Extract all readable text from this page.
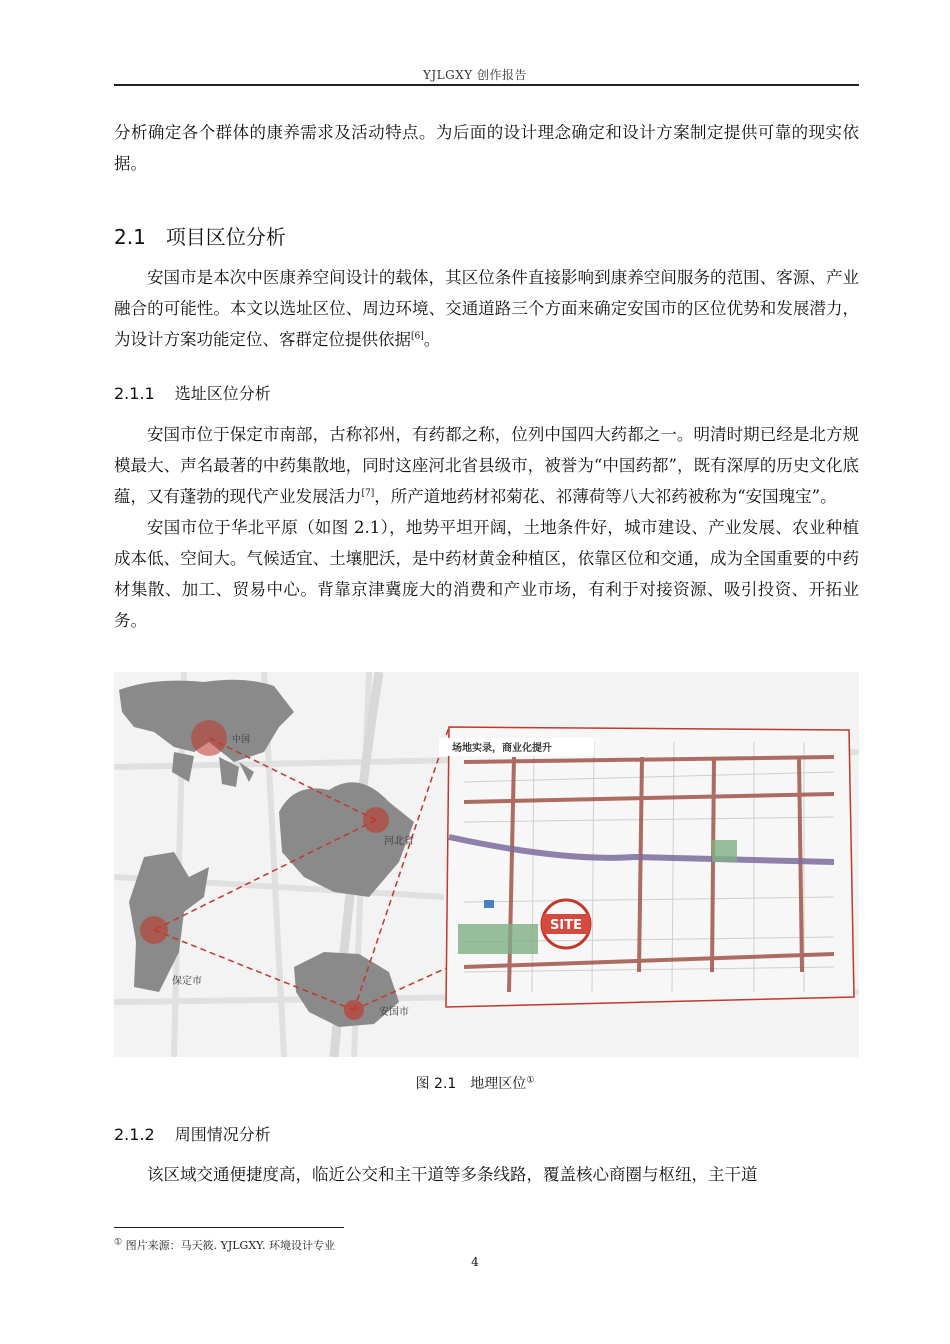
YJLGXY 创作报告

分析确定各个群体的康养需求及活动特点。为后面的设计理念确定和设计方案制定提供可靠的现实依据。

2.1 项目区位分析

安国市是本次中医康养空间设计的载体，其区位条件直接影响到康养空间服务的范围、客源、产业融合的可能性。本文以选址区位、周边环境、交通道路三个方面来确定安国市的区位优势和发展潜力，为设计方案功能定位、客群定位提供依据[6]。

2.1.1 选址区位分析

安国市位于保定市南部，古称祁州，有药都之称，位列中国四大药都之一。明清时期已经是北方规模最大、声名最著的中药集散地，同时这座河北省县级市，被誉为“中国药都”，既有深厚的历史文化底蕴，又有蓬勃的现代产业发展活力[7]，所产道地药材祁菊花、祁薄荷等八大祁药被称为“安国瑰宝”。

安国市位于华北平原（如图 2.1），地势平坦开阔，土地条件好，城市建设、产业发展、农业种植成本低、空间大。气候适宜、土壤肥沃，是中药材黄金种植区，依靠区位和交通，成为全国重要的中药材集散、加工、贸易中心。背靠京津冀庞大的消费和产业市场，有利于对接资源、吸引投资、开拓业务。

中国
河北省
保定市
安国市
场地实录，商业化提升
SITE
图 2.1　地理区位①
2.1.2 周围情况分析

该区域交通便捷度高，临近公交和主干道等多条线路，覆盖核心商圈与枢纽，主干道

① 图片来源：马天筱. YJLGXY. 环境设计专业
4
